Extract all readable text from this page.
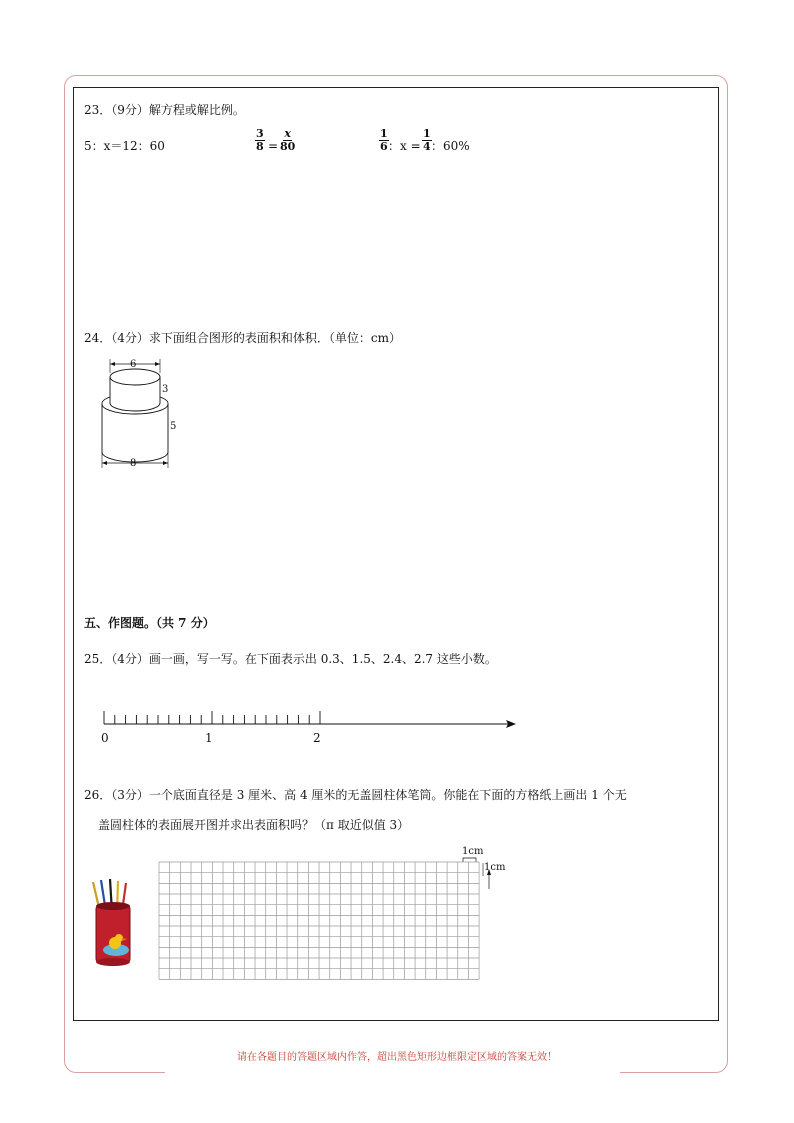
23．（9分）解方程或解比例。
5：x＝12：60	$\frac{3}{8} = \frac{x}{80}$	$\frac{1}{6}$ ：$x = \frac{1}{4}$ ：60%
24．（4分）求下面组合图形的表面积和体积．（单位：cm）
6
3
5
8
五、作图题。（共 7 分）
25．（4分）画一画，写一写。在下面表示出 0.3、1.5、2.4、2.7 这些小数。
0	1	2
26．（3分）一个底面直径是 3 厘米、高 4 厘米的无盖圆柱体笔筒。你能在下面的方格纸上画出 1 个无
盖圆柱体的表面展开图并求出表面积吗？（π 取近似值 3）
1cm
1cm
请在各题目的答题区域内作答，超出黑色矩形边框限定区域的答案无效！
